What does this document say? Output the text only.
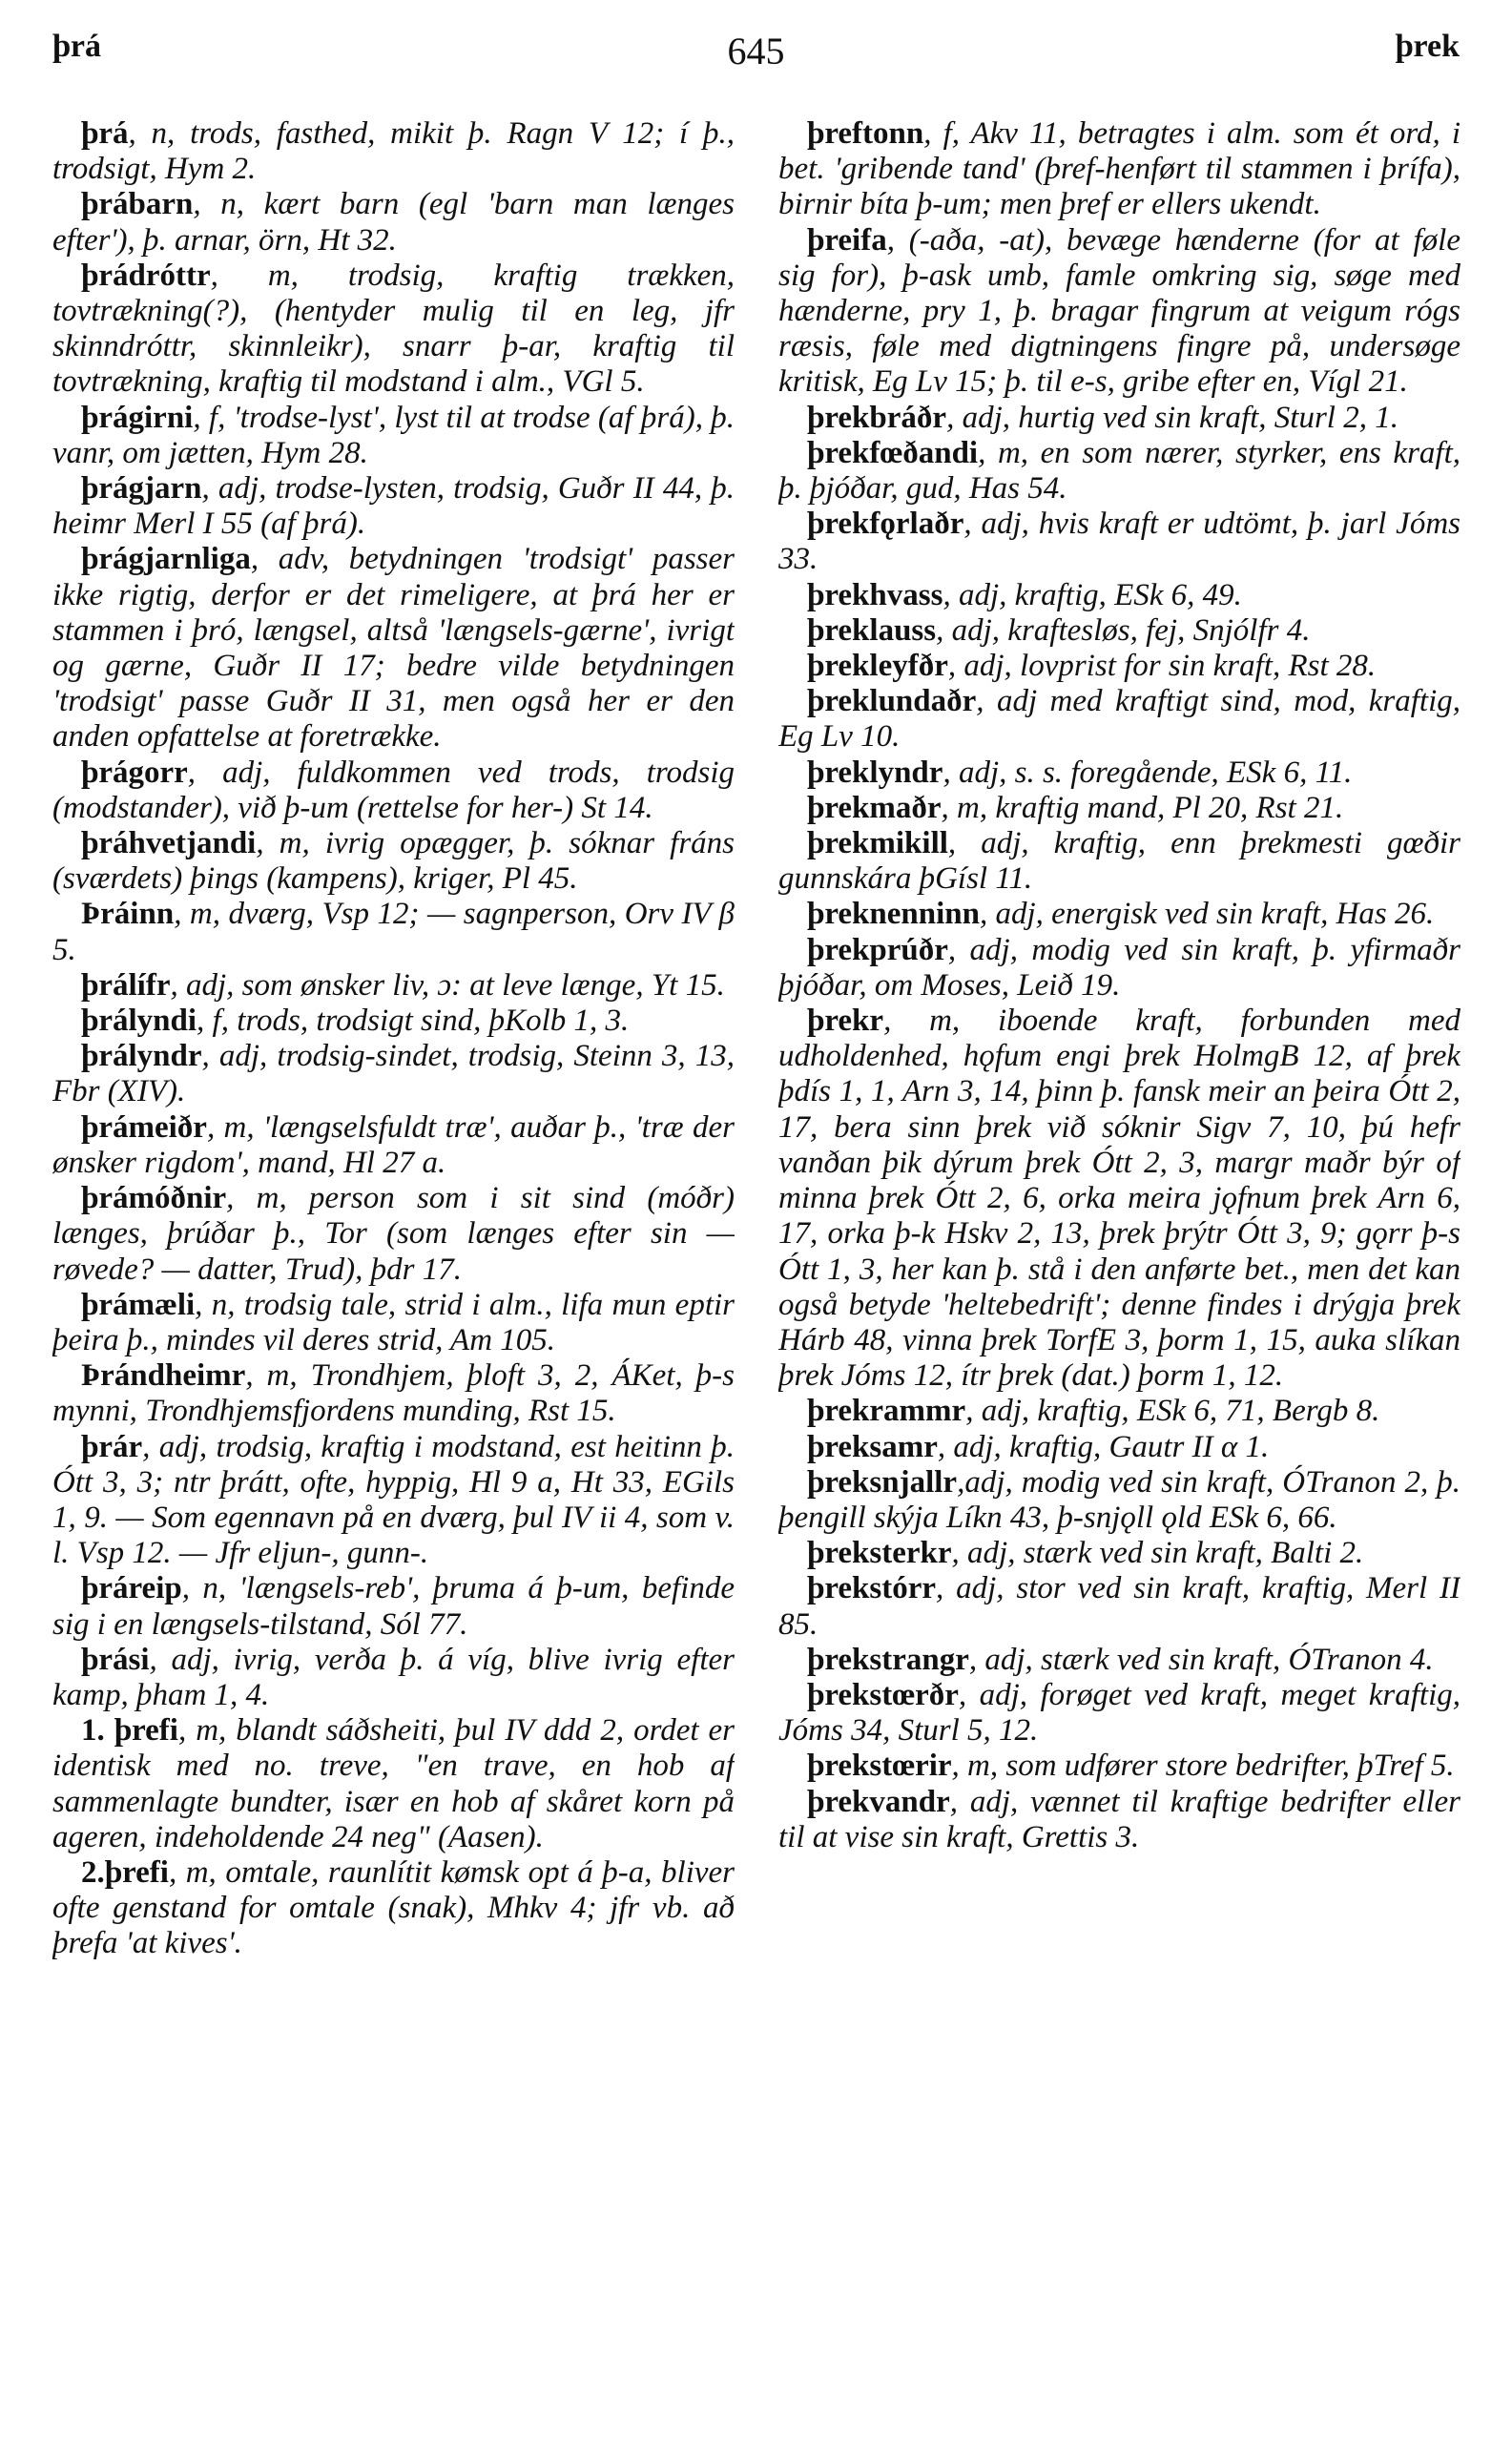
þrá	645	þrek

þrá, n, trods, fasthed, mikit þ. Ragn V 12; í þ., trodsigt, Hym 2.

þrábarn, n, kært barn (egl 'barn man længes efter'), þ. arnar, örn, Ht 32.

þrádróttr, m, trodsig, kraftig trækken, tovtrækning(?), (hentyder mulig til en leg, jfr skinndróttr, skinnleikr), snarr þ-ar, kraftig til tovtrækning, kraftig til modstand i alm., VGl 5.

þrágirni, f, 'trodse-lyst', lyst til at trodse (af þrá), þ. vanr, om jætten, Hym 28.

þrágjarn, adj, trodse-lysten, trodsig, Guðr II 44, þ. heimr Merl I 55 (af þrá).

þrágjarnliga, adv, betydningen 'trodsigt' passer ikke rigtig, derfor er det rimeligere, at þrá her er stammen i þró, længsel, altså 'længsels-gærne', ivrigt og gærne, Guðr II 17; bedre vilde betydningen 'trodsigt' passe Guðr II 31, men også her er den anden opfattelse at foretrække.

þrágorr, adj, fuldkommen ved trods, trodsig (modstander), við þ-um (rettelse for her-) St 14.

þráhvetjandi, m, ivrig opægger, þ. sóknar fráns (sværdets) þings (kampens), kriger, Pl 45.

Þráinn, m, dværg, Vsp 12; — sagnperson, Orv IV β 5.

þrálífr, adj, som ønsker liv, ɔ: at leve længe, Yt 15.

þrályndi, f, trods, trodsigt sind, þKolb 1, 3.

þrályndr, adj, trodsig-sindet, trodsig, Steinn 3, 13, Fbr (XIV).

þrámeiðr, m, 'længselsfuldt træ', auðar þ., 'træ der ønsker rigdom', mand, Hl 27 a.

þrámóðnir, m, person som i sit sind (móðr) længes, þrúðar þ., Tor (som længes efter sin — røvede? — datter, Trud), þdr 17.

þrámæli, n, trodsig tale, strid i alm., lifa mun eptir þeira þ., mindes vil deres strid, Am 105.

Þrándheimr, m, Trondhjem, þloft 3, 2, ÁKet, þ-s mynni, Trondhjemsfjordens munding, Rst 15.

þrár, adj, trodsig, kraftig i modstand, est heitinn þ. Ótt 3, 3; ntr þrátt, ofte, hyppig, Hl 9 a, Ht 33, EGils 1, 9. — Som egennavn på en dværg, þul IV ii 4, som v. l. Vsp 12. — Jfr eljun-, gunn-.

þráreip, n, 'længsels-reb', þruma á þ-um, befinde sig i en længsels-tilstand, Sól 77.

þrási, adj, ivrig, verða þ. á víg, blive ivrig efter kamp, þham 1, 4.

1. þrefi, m, blandt sáðsheiti, þul IV ddd 2, ordet er identisk med no. treve, "en trave, en hob af sammenlagte bundter, især en hob af skåret korn på ageren, indeholdende 24 neg" (Aasen).

2.þrefi, m, omtale, raunlítit kømsk opt á þ-a, bliver ofte genstand for omtale (snak), Mhkv 4; jfr vb. að þrefa 'at kives'.

þreftonn, f, Akv 11, betragtes i alm. som ét ord, i bet. 'gribende tand' (þref-henført til stammen i þrífa), birnir bíta þ-um; men þref er ellers ukendt.

þreifa, (-aða, -at), bevæge hænderne (for at føle sig for), þ-ask umb, famle omkring sig, søge med hænderne, pry 1, þ. bragar fingrum at veigum rógs ræsis, føle med digtningens fingre på, undersøge kritisk, Eg Lv 15; þ. til e-s, gribe efter en, Vígl 21.

þrekbráðr, adj, hurtig ved sin kraft, Sturl 2, 1.

þrekfœðandi, m, en som nærer, styrker, ens kraft, þ. þjóðar, gud, Has 54.

þrekfǫrlaðr, adj, hvis kraft er udtömt, þ. jarl Jóms 33.

þrekhvass, adj, kraftig, ESk 6, 49.

þreklauss, adj, kraftesløs, fej, Snjólfr 4.

þrekleyfðr, adj, lovprist for sin kraft, Rst 28.

þreklundaðr, adj med kraftigt sind, mod, kraftig, Eg Lv 10.

þreklyndr, adj, s. s. foregående, ESk 6, 11.

þrekmaðr, m, kraftig mand, Pl 20, Rst 21.

þrekmikill, adj, kraftig, enn þrekmesti gœðir gunnskára þGísl 11.

þreknenninn, adj, energisk ved sin kraft, Has 26.

þrekprúðr, adj, modig ved sin kraft, þ. yfirmaðr þjóðar, om Moses, Leið 19.

þrekr, m, iboende kraft, forbunden med udholdenhed, hǫfum engi þrek HolmgB 12, af þrek þdís 1, 1, Arn 3, 14, þinn þ. fansk meir an þeira Ótt 2, 17, bera sinn þrek við sóknir Sigv 7, 10, þú hefr vanðan þik dýrum þrek Ótt 2, 3, margr maðr býr of minna þrek Ótt 2, 6, orka meira jǫfnum þrek Arn 6, 17, orka þ-k Hskv 2, 13, þrek þrýtr Ótt 3, 9; gǫrr þ-s Ótt 1, 3, her kan þ. stå i den anførte bet., men det kan også betyde 'heltebedrift'; denne findes i drýgja þrek Hárb 48, vinna þrek TorfE 3, þorm 1, 15, auka slíkan þrek Jóms 12, ítr þrek (dat.) þorm 1, 12.

þrekrammr, adj, kraftig, ESk 6, 71, Bergb 8.

þreksamr, adj, kraftig, Gautr II α 1.

þreksnjallr,adj, modig ved sin kraft, ÓTranon 2, þ. þengill skýja Líkn 43, þ-snjǫll ǫld ESk 6, 66.

þreksterkr, adj, stærk ved sin kraft, Balti 2.

þrekstórr, adj, stor ved sin kraft, kraftig, Merl II 85.

þrekstrangr, adj, stærk ved sin kraft, ÓTranon 4.

þrekstœrðr, adj, forøget ved kraft, meget kraftig, Jóms 34, Sturl 5, 12.

þrekstœrir, m, som udfører store bedrifter, þTref 5.

þrekvandr, adj, vænnet til kraftige bedrifter eller til at vise sin kraft, Grettis 3.
